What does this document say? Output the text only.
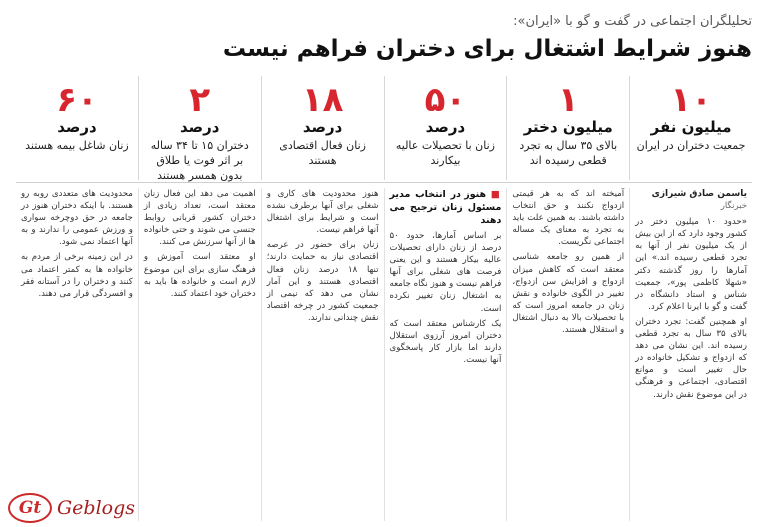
تحلیلگران اجتماعی در گفت و گو با «ایران»:
هنوز شرایط اشتغال برای دختران فراهم نیست
۱۰
میلیون نفر
جمعیت دختران در ایران
۱
میلیون دختر
بالای ۳۵ سال به تجرد قطعی رسیده اند
۵۰
درصد
زنان با تحصیلات عالیه بیکارند
۱۸
درصد
زنان فعال اقتصادی هستند
۲
درصد
دختران ۱۵ تا ۳۴ ساله بر اثر فوت یا طلاق بدون همسر هستند
۶۰
درصد
زنان شاغل بیمه هستند
یاسمن صادق شیرازی
خبرنگار

«حدود ۱۰ میلیون دختر در کشور وجود دارد که از این بیش از یک میلیون نفر از آنها به تجرد قطعی رسیده اند.» این آمارها را روز گذشته دکتر «شهلا کاظمی پور»، جمعیت شناس و استاد دانشگاه در گفت و گو با ایرنا اعلام کرد.

او همچنین گفت: تجرد دختران بالای ۳۵ سال به تجرد قطعی رسیده اند. این نشان می دهد که ازدواج و تشکیل خانواده در حال تغییر است و موانع اقتصادی، اجتماعی و فرهنگی در این موضوع نقش دارند.

آمیخته اند که به هر قیمتی ازدواج نکنند و حق انتخاب داشته باشند. به همین علت باید به تجرد به معنای یک مساله اجتماعی نگریست.

از همین رو جامعه شناسی معتقد است که کاهش میزان ازدواج و افزایش سن ازدواج، تغییر در الگوی خانواده و نقش زنان در جامعه امروز است که با تحصیلات بالا به دنبال اشتغال و استقلال هستند.

■ هنوز در انتخاب مدیر مسئول زنان ترجیح می دهند

بر اساس آمارها، حدود ۵۰ درصد از زنان دارای تحصیلات عالیه بیکار هستند و این یعنی فرصت های شغلی برای آنها فراهم نیست و هنوز نگاه جامعه به اشتغال زنان تغییر نکرده است.

یک کارشناس معتقد است که دختران امروز آرزوی استقلال دارند اما بازار کار پاسخگوی آنها نیست.

هنوز محدودیت های کاری و شغلی برای آنها برطرف نشده است و شرایط برای اشتغال آنها فراهم نیست.

زنان برای حضور در عرصه اقتصادی نیاز به حمایت دارند؛ تنها ۱۸ درصد زنان فعال اقتصادی هستند و این آمار نشان می دهد که نیمی از جمعیت کشور در چرخه اقتصاد نقش چندانی ندارند.

اهمیت می دهد این فعال زنان معتقد است، تعداد زیادی از دختران کشور قربانی روابط جنسی می شوند و حتی خانواده ها از آنها سرزنش می کنند.

او معتقد است آموزش و فرهنگ سازی برای این موضوع لازم است و خانواده ها باید به دختران خود اعتماد کنند.

محدودیت های متعددی روبه رو هستند. با اینکه دختران هنوز در جامعه در حق دوچرخه سواری و ورزش عمومی را ندارند و به آنها اعتماد نمی شود.

در این زمینه برخی از مردم به خانواده ها به کمتر اعتماد می کنند و دختران را در آستانه فقر و افسردگی قرار می دهند.

Gt Geblogs
